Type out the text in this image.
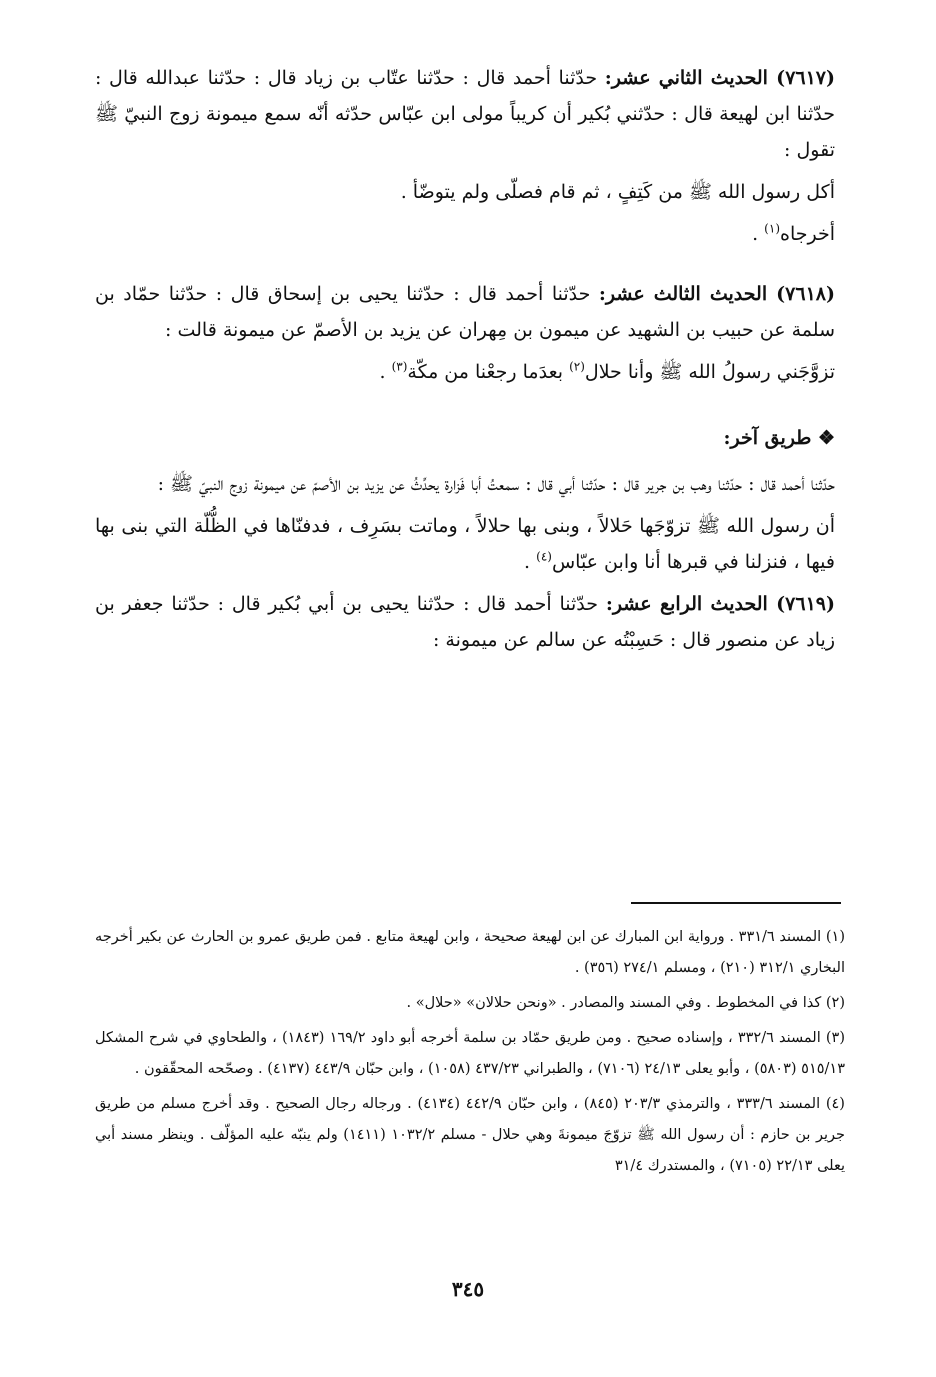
(٧٦١٧) الحديث الثاني عشر: حدّثنا أحمد قال : حدّثنا عتّاب بن زياد قال : حدّثنا عبدالله قال : حدّثنا ابن لهيعة قال : حدّثني بُكير أن كريباً مولى ابن عبّاس حدّثه أنّه سمع ميمونة زوج النبيّ ﷺ تقول :

أكل رسول الله ﷺ من كَتِفٍ ، ثم قام فصلّى ولم يتوضّأ .

أخرجاه$^{(١)}$ .

(٧٦١٨) الحديث الثالث عشر: حدّثنا أحمد قال : حدّثنا يحيى بن إسحاق قال : حدّثنا حمّاد بن سلمة عن حبيب بن الشهيد عن ميمون بن مِهران عن يزيد بن الأصمّ عن ميمونة قالت :

تزوَّجَني رسولُ الله ﷺ وأنا حلال$^{(٢)}$ بعدَما رجعْنا من مكّة$^{(٣)}$ .

❖ طريق آخر:

حدّثنا أحمد قال : حدّثنا وهب بن جرير قال : حدّثنا أبي قال : سمعتُ أبا فَزارة يحدِّثُ عن يزيد بن الأصمّ عن ميمونة زوج النبيّ ﷺ :

أن رسول الله ﷺ تزوّجَها حَلالاً ، وبنى بها حلالاً ، وماتت بسَرِف ، فدفنّاها في الظُّلّة التي بنى بها فيها ، فنزلنا في قبرها أنا وابن عبّاس$^{(٤)}$ .

(٧٦١٩) الحديث الرابع عشر: حدّثنا أحمد قال : حدّثنا يحيى بن أبي بُكير قال : حدّثنا جعفر بن زياد عن منصور قال : حَسِبْتُه عن سالم عن ميمونة :

(١) المسند ٣٣١/٦ . ورواية ابن المبارك عن ابن لهيعة صحيحة ، وابن لهيعة متابع . فمن طريق عمرو بن الحارث عن بكير أخرجه البخاري ٣١٢/١ (٢١٠) ، ومسلم ٢٧٤/١ (٣٥٦) .

(٢) كذا في المخطوط . وفي المسند والمصادر . «ونحن حلالان» «حلال» .

(٣) المسند ٣٣٢/٦ ، وإسناده صحيح . ومن طريق حمّاد بن سلمة أخرجه أبو داود ١٦٩/٢ (١٨٤٣) ، والطحاوي في شرح المشكل ٥١٥/١٣ (٥٨٠٣) ، وأبو يعلى ٢٤/١٣ (٧١٠٦) ، والطبراني ٤٣٧/٢٣ (١٠٥٨) ، وابن حبّان ٤٤٣/٩ (٤١٣٧) . وصحّحه المحقّقون .

(٤) المسند ٣٣٣/٦ ، والترمذي ٢٠٣/٣ (٨٤٥) ، وابن حبّان ٤٤٢/٩ (٤١٣٤) . ورجاله رجال الصحيح . وقد أخرج مسلم من طريق جرير بن حازم : أن رسول الله ﷺ تزوّجَ ميمونةَ وهي حلال - مسلم ١٠٣٢/٢ (١٤١١) ولم ينبّه عليه المؤلّف . وينظر مسند أبي يعلى ٢٢/١٣ (٧١٠٥) ، والمستدرك ٣١/٤

٣٤٥
